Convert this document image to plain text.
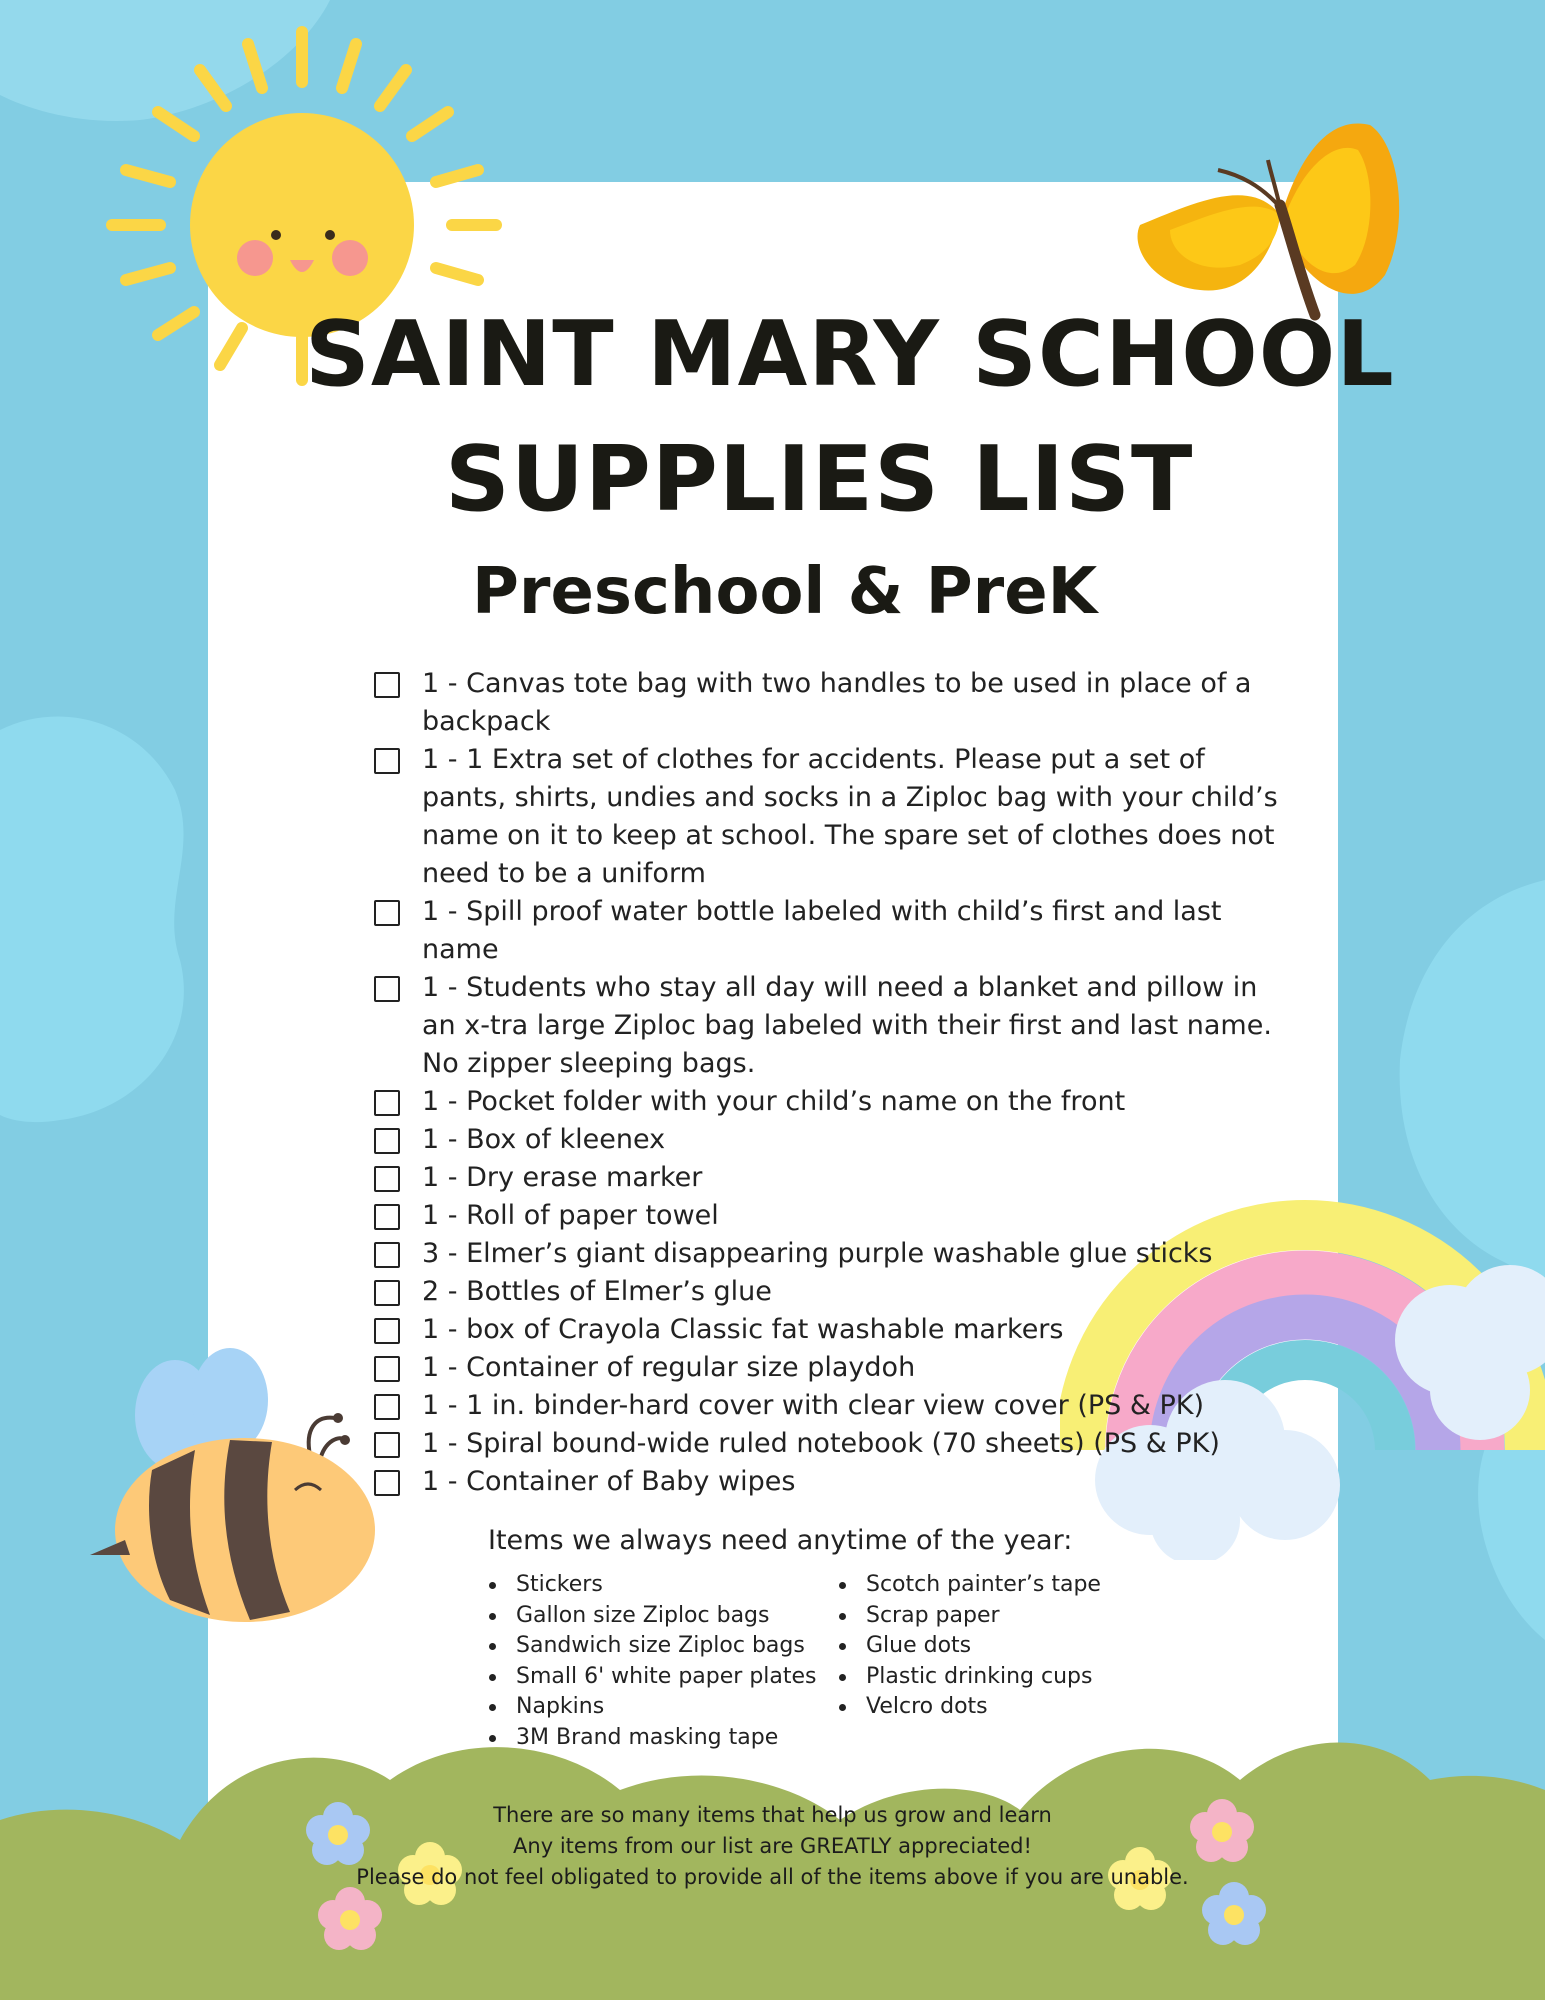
SAINT MARY SCHOOL
SUPPLIES LIST
Preschool & PreK
1 - Canvas tote bag with two handles to be used in place of a backpack
1 - 1 Extra set of clothes for accidents. Please put a set of pants, shirts, undies and socks in a Ziploc bag with your child’s name on it to keep at school. The spare set of clothes does not need to be a uniform
1 - Spill proof water bottle labeled with child’s first and last name
1 - Students who stay all day will need a blanket and pillow in an x-tra large Ziploc bag labeled with their first and last name. No zipper sleeping bags.
1 - Pocket folder with your child’s name on the front
1 - Box of kleenex
1 - Dry erase marker
1 - Roll of paper towel
3 - Elmer’s giant disappearing purple washable glue sticks
2 - Bottles of Elmer’s glue
1 - box of Crayola Classic fat washable markers
1 - Container of regular size playdoh
1 - 1 in. binder-hard cover with clear view cover (PS & PK)
1 - Spiral bound-wide ruled notebook (70 sheets) (PS & PK)
1 - Container of Baby wipes
Items we always need anytime of the year:
Stickers
Gallon size Ziploc bags
Sandwich size Ziploc bags
Small 6' white paper plates
Napkins
3M Brand masking tape
Scotch painter’s tape
Scrap paper
Glue dots
Plastic drinking cups
Velcro dots
There are so many items that help us grow and learn
Any items from our list are GREATLY appreciated!
Please do not feel obligated to provide all of the items above if you are unable.
